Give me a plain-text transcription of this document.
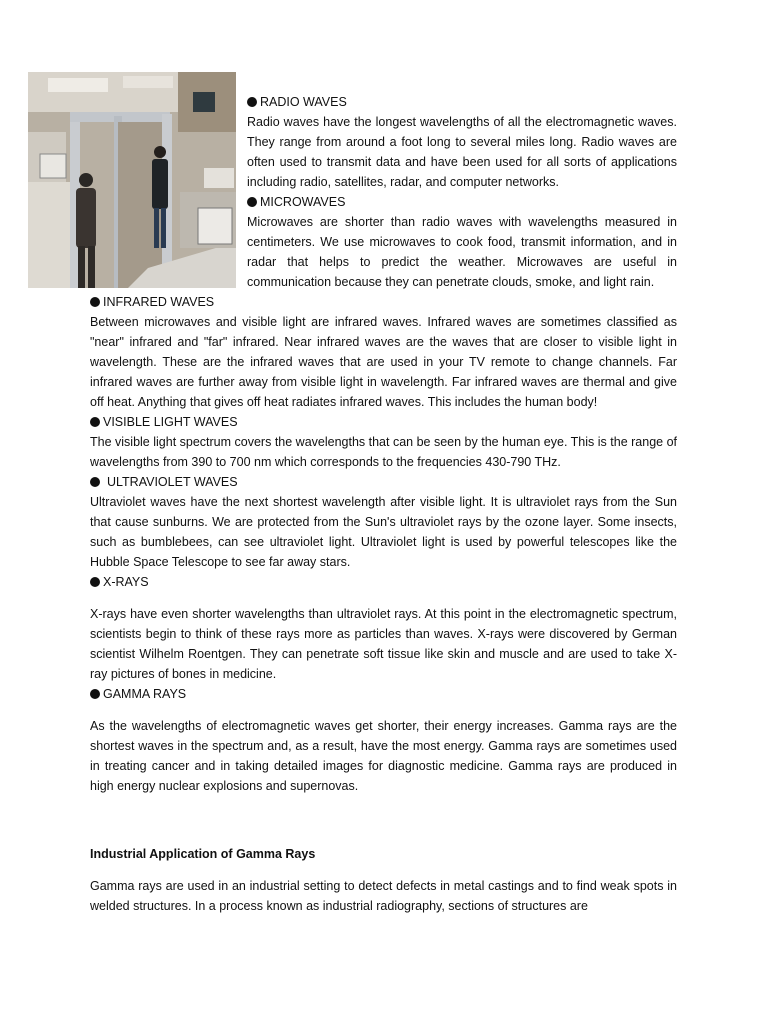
RADIO WAVES

Radio waves have the longest wavelengths of all the electromagnetic waves. They range from around a foot long to several miles long. Radio waves are often used to transmit data and have been used for all sorts of applications including radio, satellites, radar, and computer networks.

MICROWAVES

Microwaves are shorter than radio waves with wavelengths measured in centimeters. We use microwaves to cook food, transmit information, and in radar that helps to predict the weather. Microwaves are useful in communication because they can penetrate clouds, smoke, and light rain.

INFRARED WAVES

Between microwaves and visible light are infrared waves. Infrared waves are sometimes classified as "near" infrared and "far" infrared. Near infrared waves are the waves that are closer to visible light in wavelength. These are the infrared waves that are used in your TV remote to change channels. Far infrared waves are further away from visible light in wavelength. Far infrared waves are thermal and give off heat. Anything that gives off heat radiates infrared waves. This includes the human body!

VISIBLE LIGHT WAVES

The visible light spectrum covers the wavelengths that can be seen by the human eye. This is the range of wavelengths from 390 to 700 nm which corresponds to the frequencies 430-790 THz.

ULTRAVIOLET WAVES

Ultraviolet waves have the next shortest wavelength after visible light. It is ultraviolet rays from the Sun that cause sunburns. We are protected from the Sun's ultraviolet rays by the ozone layer. Some insects, such as bumblebees, can see ultraviolet light. Ultraviolet light is used by powerful telescopes like the Hubble Space Telescope to see far away stars.

X-RAYS

X-rays have even shorter wavelengths than ultraviolet rays. At this point in the electromagnetic spectrum, scientists begin to think of these rays more as particles than waves. X-rays were discovered by German scientist Wilhelm Roentgen. They can penetrate soft tissue like skin and muscle and are used to take X-ray pictures of bones in medicine.

GAMMA RAYS

As the wavelengths of electromagnetic waves get shorter, their energy increases. Gamma rays are the shortest waves in the spectrum and, as a result, have the most energy. Gamma rays are sometimes used in treating cancer and in taking detailed images for diagnostic medicine. Gamma rays are produced in high energy nuclear explosions and supernovas.

Industrial Application of Gamma Rays

Gamma rays are used in an industrial setting to detect defects in metal castings and to find weak spots in welded structures. In a process known as industrial radiography, sections of structures are
